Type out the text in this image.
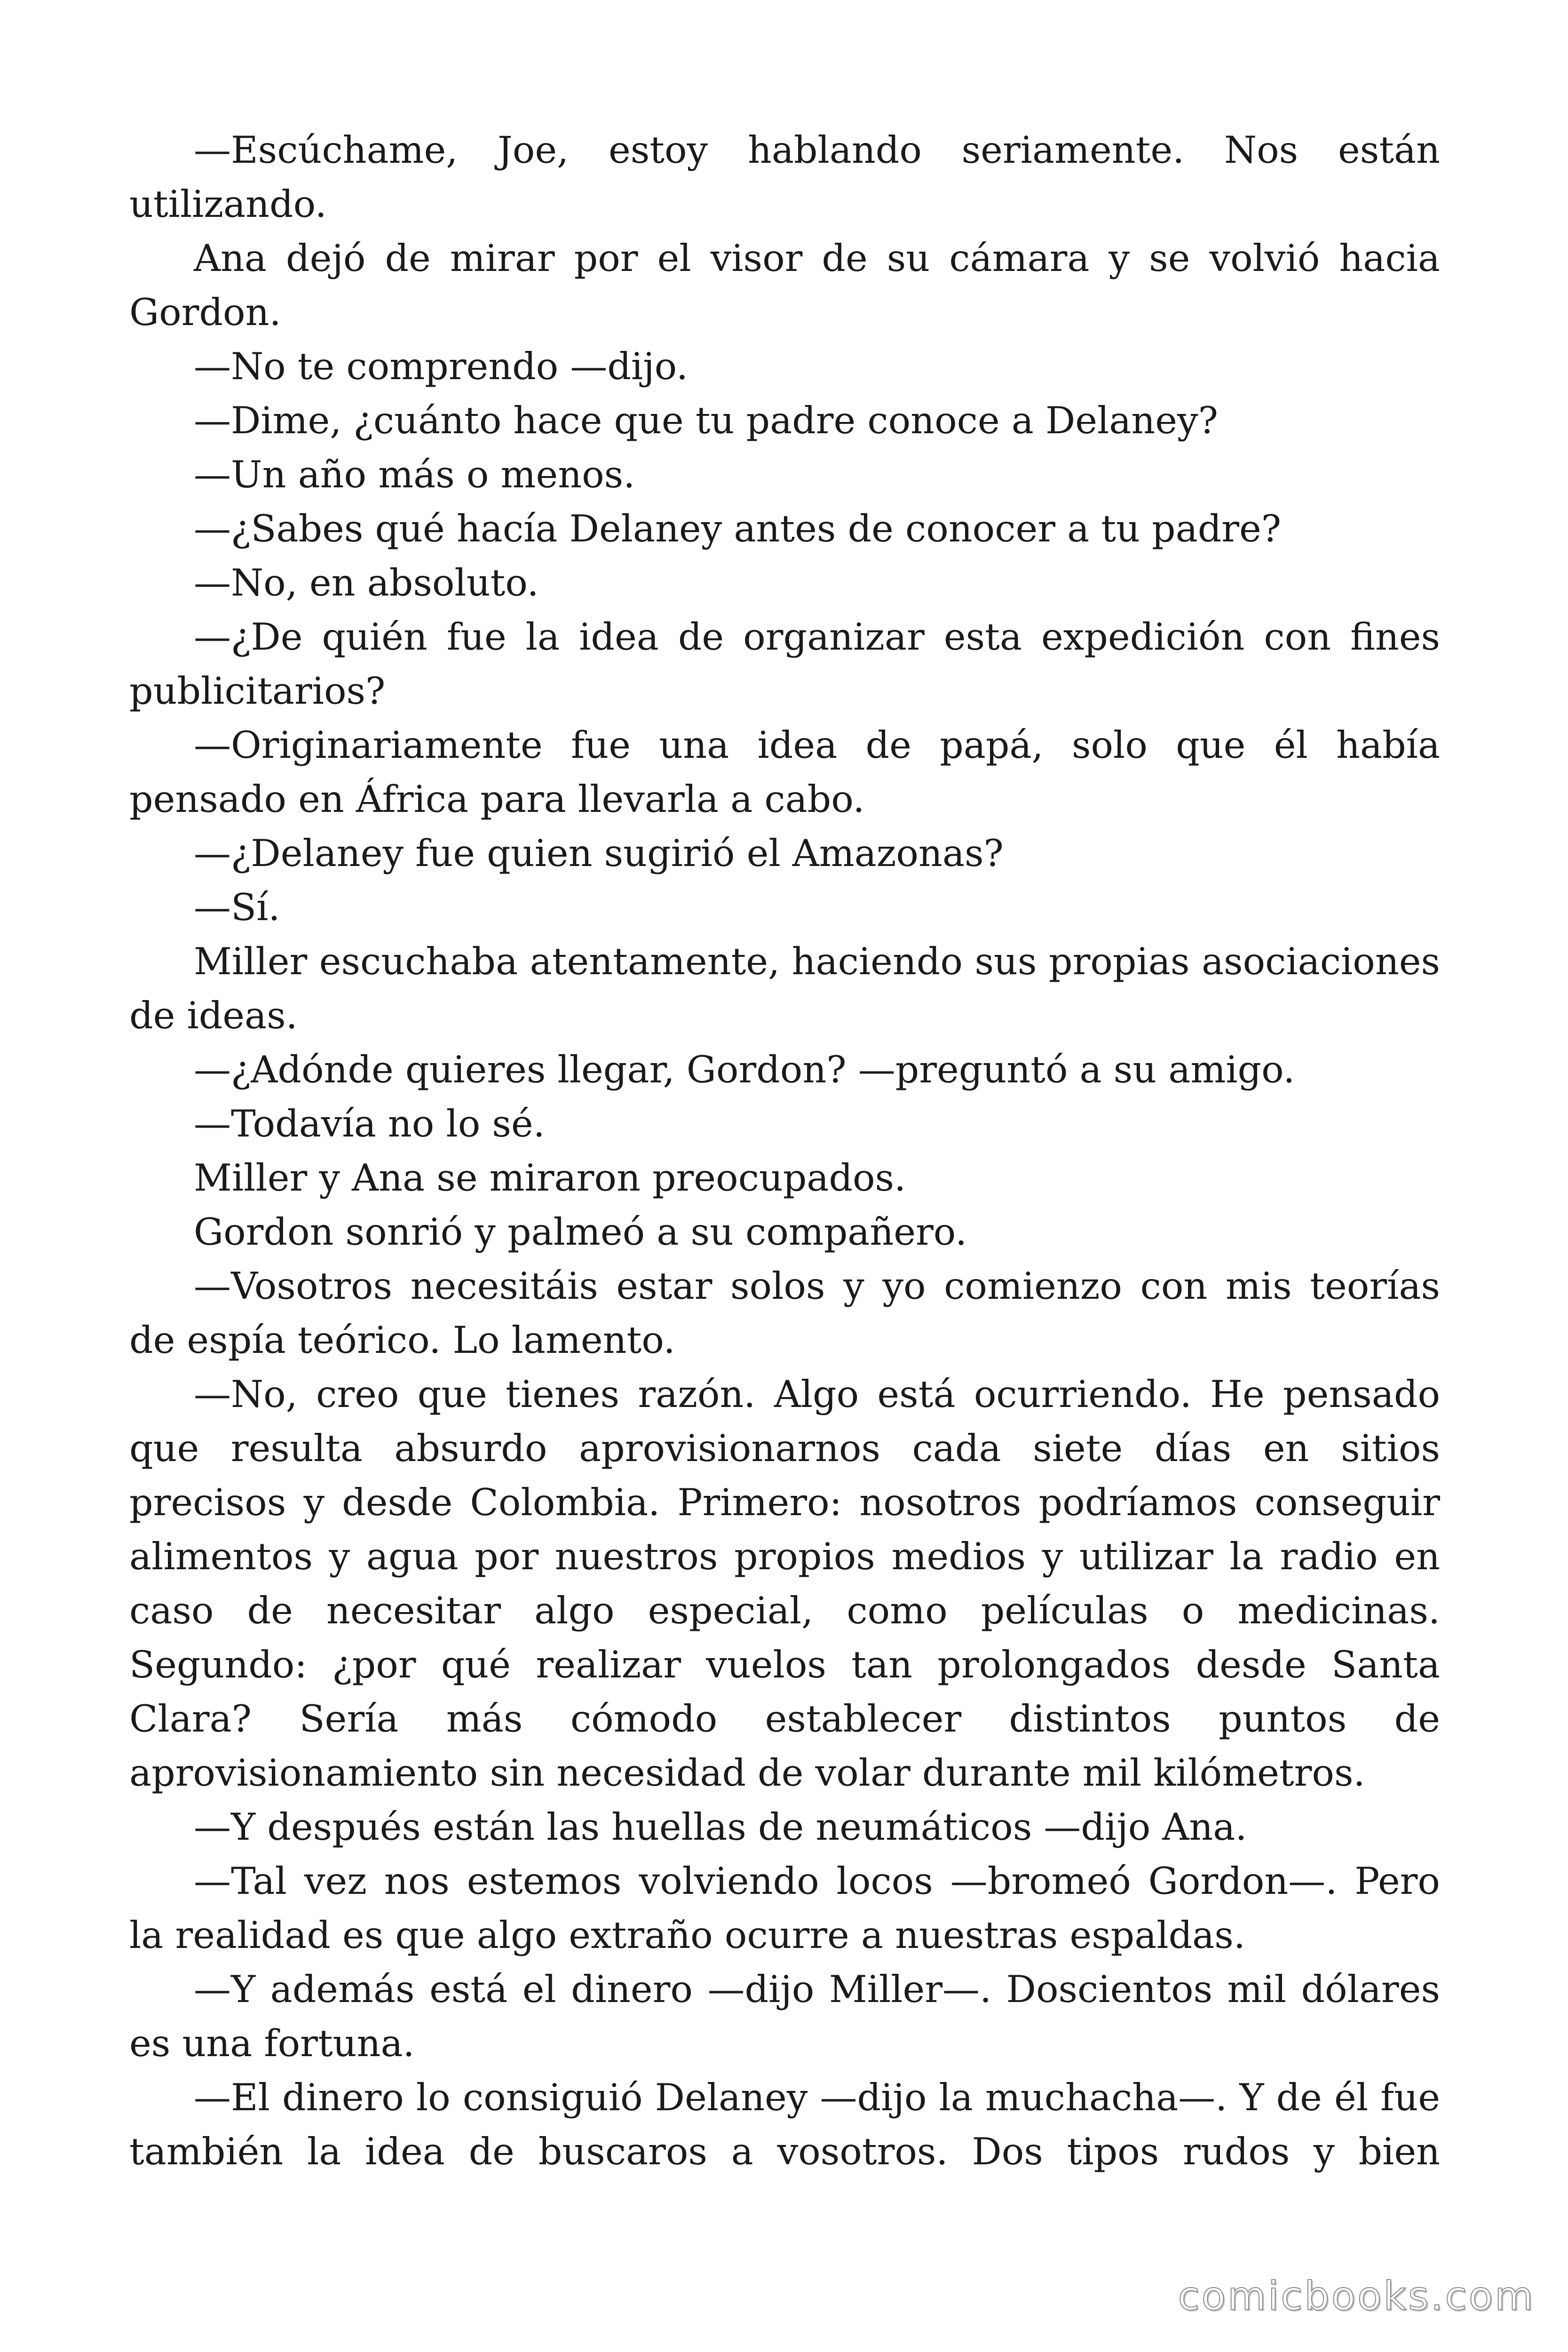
—Escúchame, Joe, estoy hablando seriamente. Nos están utilizando.

Ana dejó de mirar por el visor de su cámara y se volvió hacia Gordon.

—No te comprendo —dijo.

—Dime, ¿cuánto hace que tu padre conoce a Delaney?

—Un año más o menos.

—¿Sabes qué hacía Delaney antes de conocer a tu padre?

—No, en absoluto.

—¿De quién fue la idea de organizar esta expedición con fines publicitarios?

—Originariamente fue una idea de papá, solo que él había pensado en África para llevarla a cabo.

—¿Delaney fue quien sugirió el Amazonas?

—Sí.

Miller escuchaba atentamente, haciendo sus propias asociaciones de ideas.

—¿Adónde quieres llegar, Gordon? —preguntó a su amigo.

—Todavía no lo sé.

Miller y Ana se miraron preocupados.

Gordon sonrió y palmeó a su compañero.

—Vosotros necesitáis estar solos y yo comienzo con mis teorías de espía teórico. Lo lamento.

—No, creo que tienes razón. Algo está ocurriendo. He pensado que resulta absurdo aprovisionarnos cada siete días en sitios precisos y desde Colombia. Primero: nosotros podríamos conseguir alimentos y agua por nuestros propios medios y utilizar la radio en caso de necesitar algo especial, como películas o medicinas. Segundo: ¿por qué realizar vuelos tan prolongados desde Santa Clara? Sería más cómodo establecer distintos puntos de aprovisionamiento sin necesidad de volar durante mil kilómetros.

—Y después están las huellas de neumáticos —dijo Ana.

—Tal vez nos estemos volviendo locos —bromeó Gordon—. Pero la realidad es que algo extraño ocurre a nuestras espaldas.

—Y además está el dinero —dijo Miller—. Doscientos mil dólares es una fortuna.

—El dinero lo consiguió Delaney —dijo la muchacha—. Y de él fue también la idea de buscaros a vosotros. Dos tipos rudos y bien

comicbooks.com
